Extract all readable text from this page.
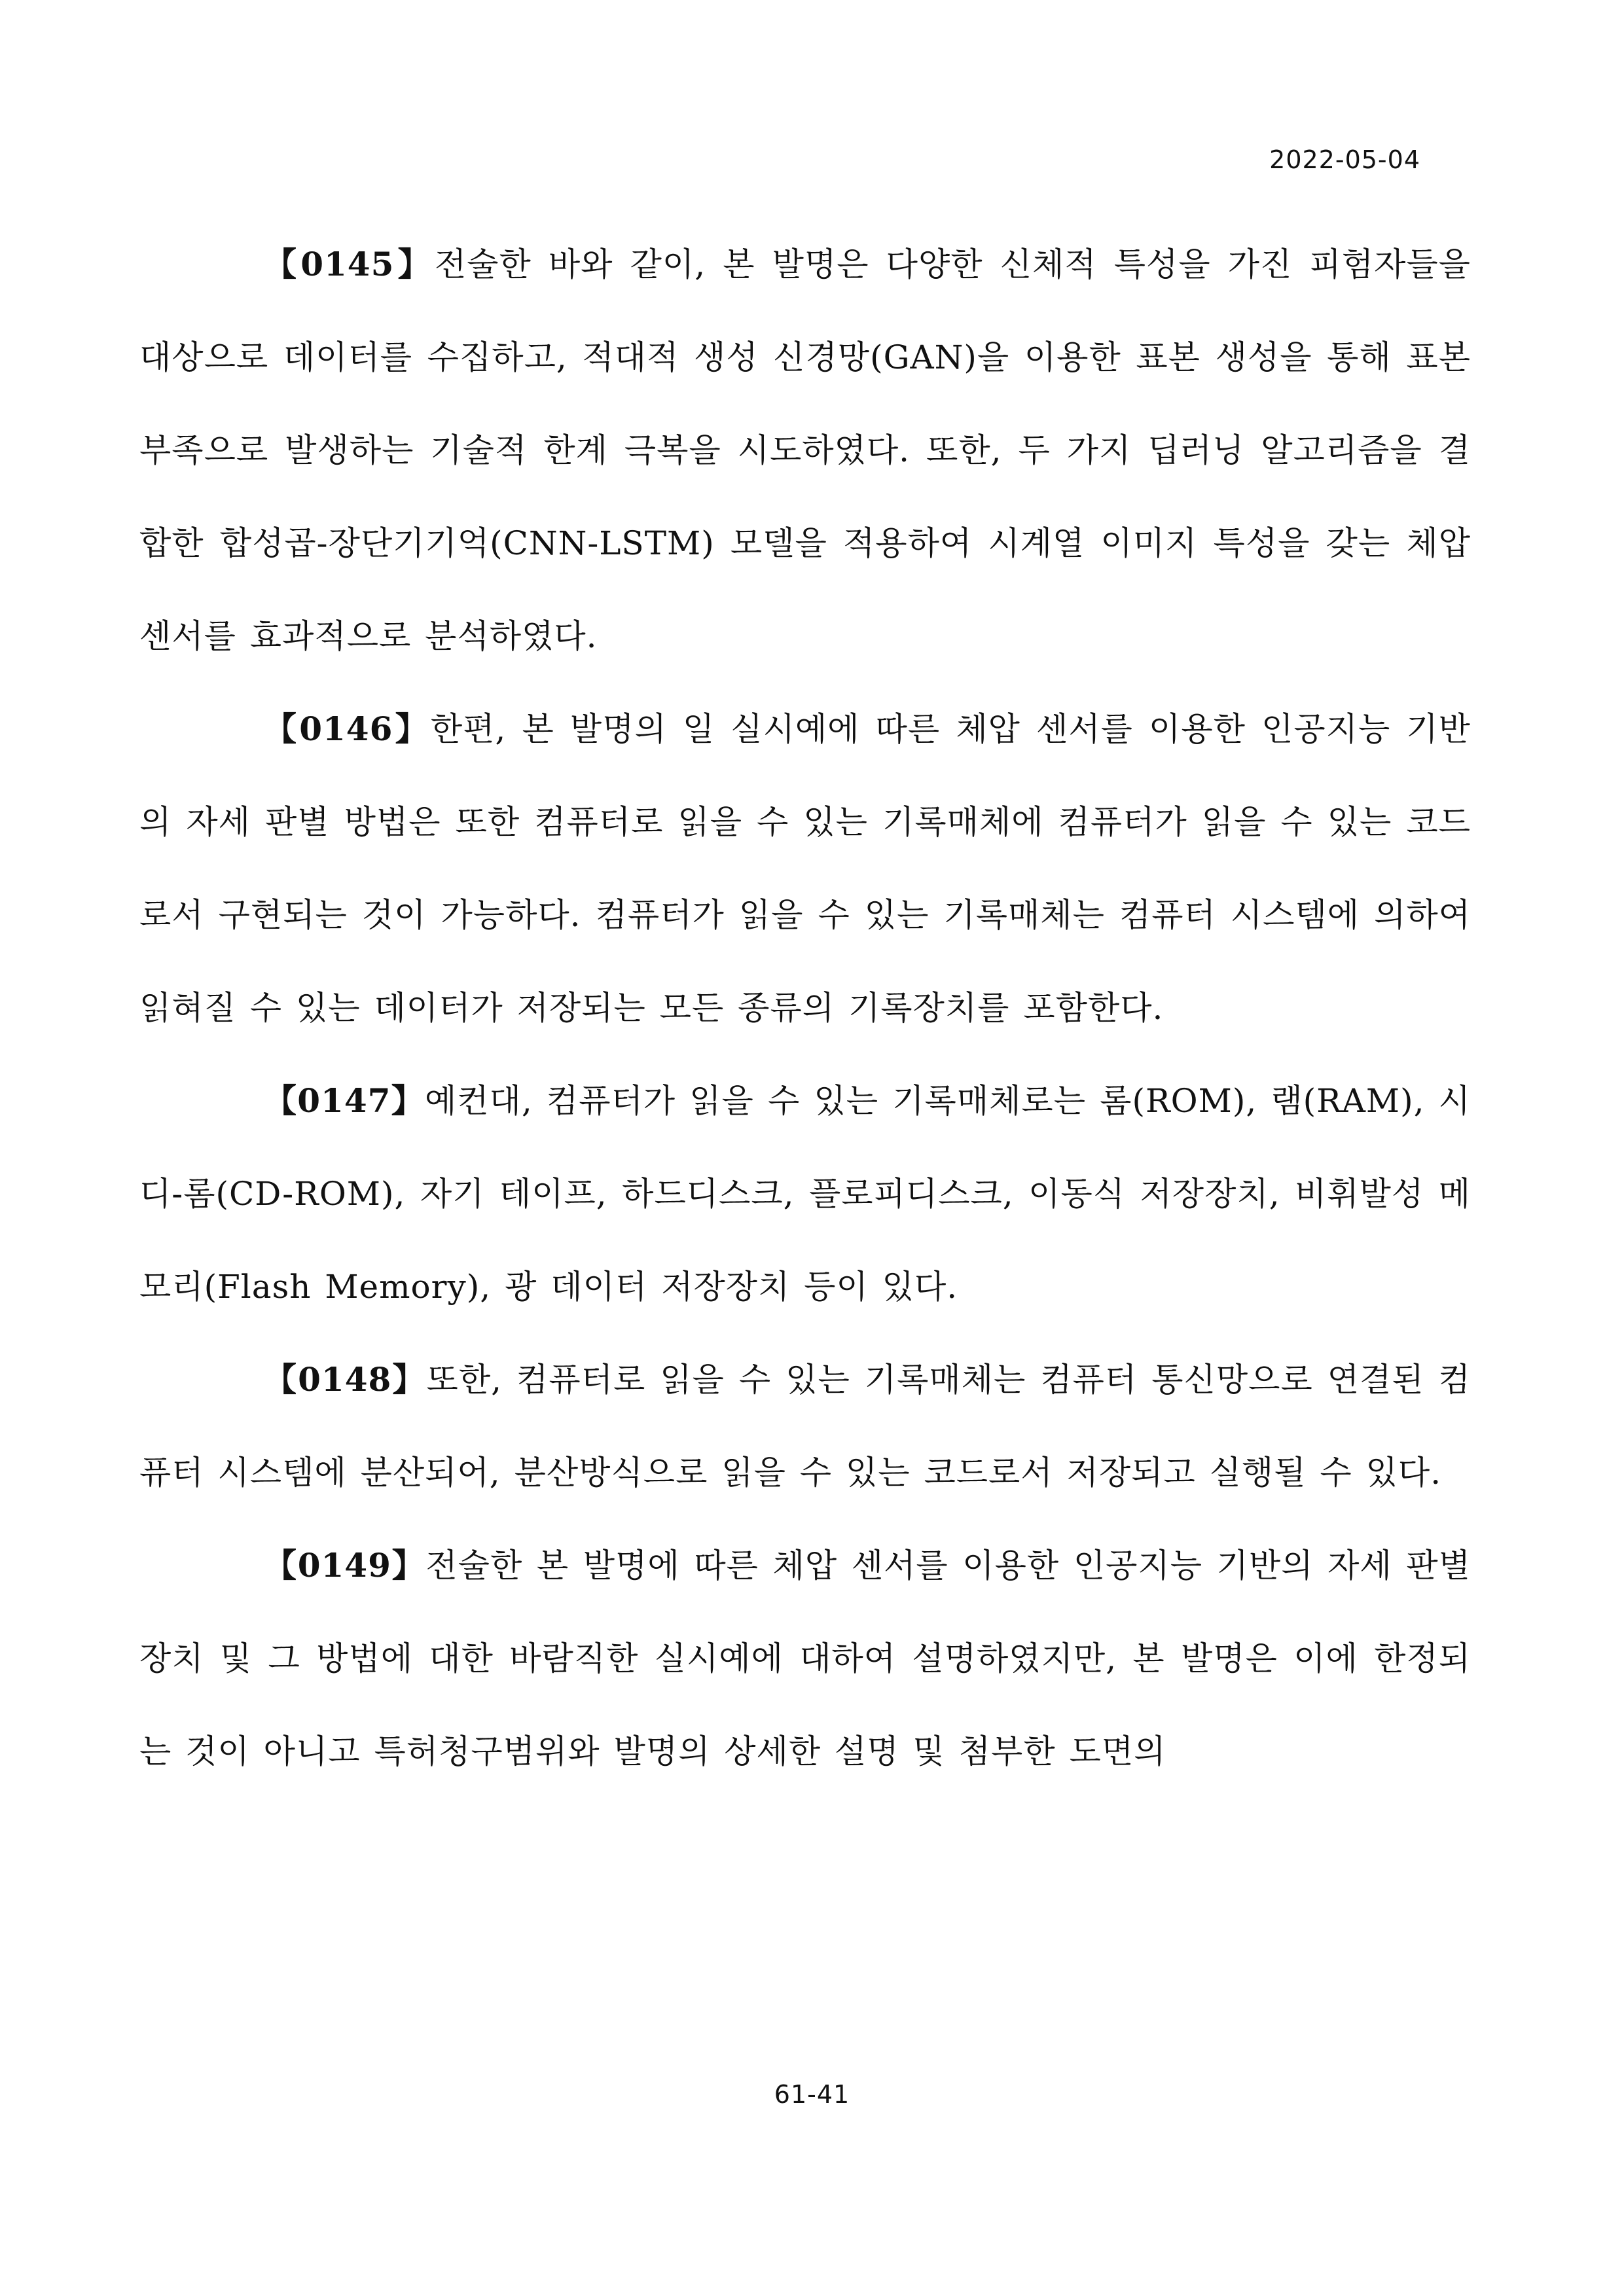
2022-05-04

【0145】전술한 바와 같이, 본 발명은 다양한 신체적 특성을 가진 피험자들을 대상으로 데이터를 수집하고, 적대적 생성 신경망(GAN)을 이용한 표본 생성을 통해 표본 부족으로 발생하는 기술적 한계 극복을 시도하였다. 또한, 두 가지 딥러닝 알고리즘을 결합한 합성곱-장단기기억(CNN-LSTM) 모델을 적용하여 시계열 이미지 특성을 갖는 체압 센서를 효과적으로 분석하였다.

【0146】한편, 본 발명의 일 실시예에 따른 체압 센서를 이용한 인공지능 기반의 자세 판별 방법은 또한 컴퓨터로 읽을 수 있는 기록매체에 컴퓨터가 읽을 수 있는 코드로서 구현되는 것이 가능하다. 컴퓨터가 읽을 수 있는 기록매체는 컴퓨터 시스템에 의하여 읽혀질 수 있는 데이터가 저장되는 모든 종류의 기록장치를 포함한다.

【0147】예컨대, 컴퓨터가 읽을 수 있는 기록매체로는 롬(ROM), 램(RAM), 시디-롬(CD-ROM), 자기 테이프, 하드디스크, 플로피디스크, 이동식 저장장치, 비휘발성 메모리(Flash Memory), 광 데이터 저장장치 등이 있다.

【0148】또한, 컴퓨터로 읽을 수 있는 기록매체는 컴퓨터 통신망으로 연결된 컴퓨터 시스템에 분산되어, 분산방식으로 읽을 수 있는 코드로서 저장되고 실행될 수 있다.

【0149】전술한 본 발명에 따른 체압 센서를 이용한 인공지능 기반의 자세 판별 장치 및 그 방법에 대한 바람직한 실시예에 대하여 설명하였지만, 본 발명은 이에 한정되는 것이 아니고 특허청구범위와 발명의 상세한 설명 및 첨부한 도면의

61-41
